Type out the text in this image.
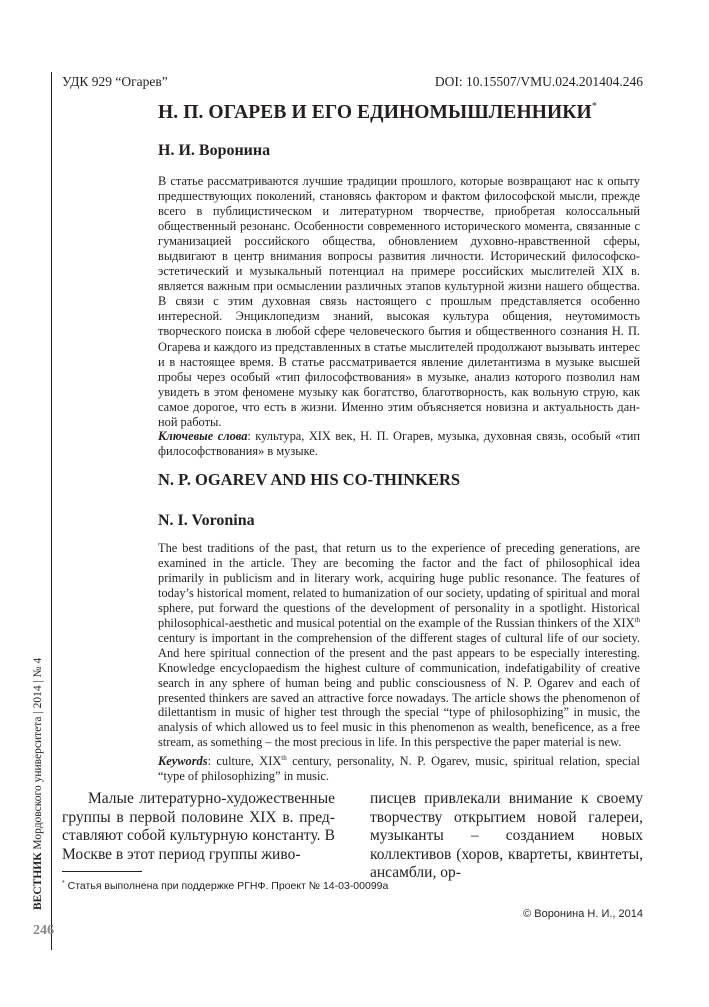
УДК 929 “Огарев”	DOI: 10.15507/VMU.024.201404.246
ВЕСТНИК Мордовского университета | 2014 | № 4
246
Н. П. ОГАРЕВ И ЕГО ЕДИНОМЫШЛЕННИКИ*
Н. И. Воронина
В статье рассматриваются лучшие традиции прошлого, которые возвращают нас к опыту предшествующих поколений, становясь фактором и фактом философской мысли, прежде всего в публицистическом и литературном творчестве, приобретая колоссальный общественный резонанс. Особенности современного исторического момента, связанные с гуманизацией российского общества, обновлением духовно-нравственной сферы, выдвигают в центр внимания вопросы развития личности. Исторический философско-эстетический и музыкальный потенциал на примере российских мыслителей XIX в. является важным при осмыслении различных этапов культурной жизни нашего общества. В связи с этим духовная связь настоящего с прошлым представляется особенно интересной. Энциклопедизм знаний, высокая культура общения, неутомимость творческого поиска в любой сфере человеческого бытия и общественного сознания Н. П. Огарева и каждого из представленных в статье мыслителей продолжают вызывать интерес и в настоящее время. В статье рассматривается явление дилетантизма в музыке высшей пробы через особый «тип философствования» в музыке, анализ которого позволил нам увидеть в этом феномене музыку как богатство, благотворность, как вольную струю, как самое дорогое, что есть в жизни. Именно этим объясняется новизна и актуальность данной работы.
Ключевые слова: культура, XIX век, Н. П. Огарев, музыка, духовная связь, особый «тип философствования» в музыке.
N. P. OGAREV AND HIS CO-THINKERS
N. I. Voronina
The best traditions of the past, that return us to the experience of preceding generations, are examined in the article. They are becoming the factor and the fact of philosophical idea primarily in publicism and in literary work, acquiring huge public resonance. The features of today’s historical moment, related to humanization of our society, updating of spiritual and moral sphere, put forward the questions of the development of personality in a spotlight. Historical philosophical-aesthetic and musical potential on the example of the Russian thinkers of the XIXth century is important in the comprehension of the different stages of cultural life of our society. And here spiritual connection of the present and the past appears to be especially interesting. Knowledge encyclopaedism the highest culture of communication, indefatigability of creative search in any sphere of human being and public consciousness of N. P. Ogarev and each of presented thinkers are saved an attractive force nowadays. The article shows the phenomenon of dilettantism in music of higher test through the special “type of philosophizing” in music, the analysis of which allowed us to feel music in this phenomenon as wealth, beneficence, as a free stream, as something – the most precious in life. In this perspective the paper material is new.
Keywords: culture, XIXth century, personality, N. P. Ogarev, music, spiritual relation, special “type of philosophizing” in music.
Малые литературно-художественные группы в первой половине XIX в. представляют собой культурную константу. В Москве в этот период группы живо-
писцев привлекали внимание к своему творчеству открытием новой галереи, музыканты – созданием новых коллективов (хоров, квартеты, квинтеты, ансамбли, ор-
* Статья выполнена при поддержке РГНФ. Проект № 14-03-00099а
© Воронина Н. И., 2014
